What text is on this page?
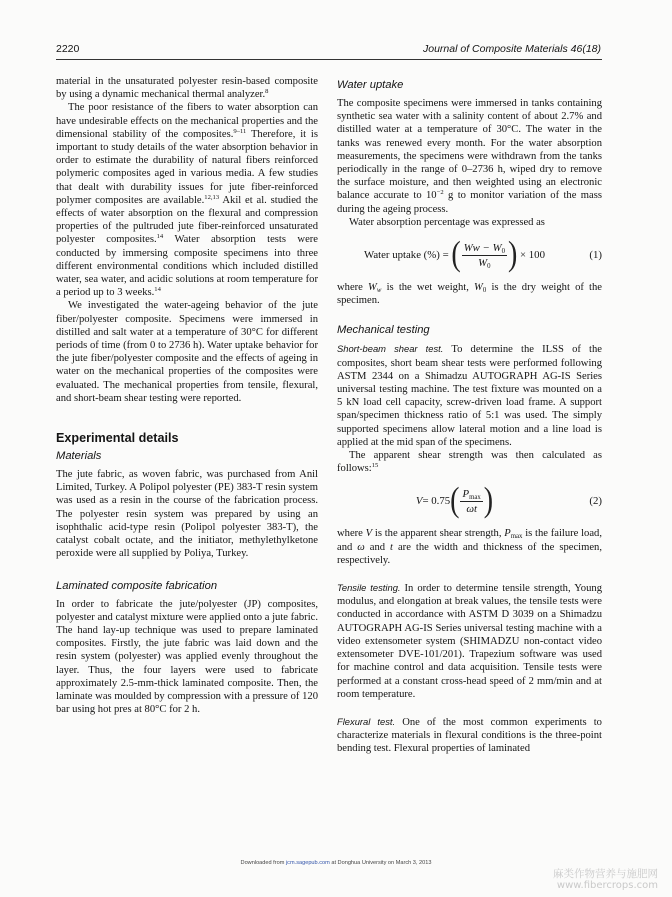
2220	Journal of Composite Materials 46(18)

material in the unsaturated polyester resin-based composite by using a dynamic mechanical thermal analyzer.$^8$

The poor resistance of the fibers to water absorption can have undesirable effects on the mechanical properties and the dimensional stability of the composites.$^{9-11}$ Therefore, it is important to study details of the water absorption behavior in order to estimate the durability of natural fibers reinforced polymeric composites aged in various media. A few studies that dealt with durability issues for jute fiber-reinforced polymer composites are available.$^{12,13}$ Akil et al. studied the effects of water absorption on the flexural and compression properties of the pultruded jute fiber-reinforced unsaturated polyester composites.$^{14}$ Water absorption tests were conducted by immersing composite specimens into three different environmental conditions which included distilled water, sea water, and acidic solutions at room temperature for a period up to 3 weeks.$^{14}$

We investigated the water-ageing behavior of the jute fiber/polyester composite. Specimens were immersed in distilled and salt water at a temperature of 30°C for different periods of time (from 0 to 2736 h). Water uptake behavior for the jute fiber/polyester composite and the effects of ageing in water on the mechanical properties of the composites were evaluated. The mechanical properties from tensile, flexural, and short-beam shear testing were reported.

Experimental details
Materials

The jute fabric, as woven fabric, was purchased from Anil Limited, Turkey. A Polipol polyester (PE) 383-T resin system was used as a resin in the course of the fabrication process. The polyester resin system was prepared by using an isophthalic acid-type resin (Polipol polyester 383-T), the catalyst cobalt octate, and the initiator, methylethylketone peroxide were all supplied by Poliya, Turkey.

Laminated composite fabrication

In order to fabricate the jute/polyester (JP) composites, polyester and catalyst mixture were applied onto a jute fabric. The hand lay-up technique was used to prepare laminated composites. Firstly, the jute fabric was laid down and the resin system (polyester) was applied evenly throughout the layer. Thus, the four layers were used to fabricate approximately 2.5-mm-thick laminated composite. Then, the laminate was moulded by compression with a pressure of 120 bar using hot pres at 80°C for 2 h.

Water uptake

The composite specimens were immersed in tanks containing synthetic sea water with a salinity content of about 2.7% and distilled water at a temperature of 30°C. The water in the tanks was renewed every month. For the water absorption measurements, the specimens were withdrawn from the tanks periodically in the range of 0–2736 h, wiped dry to remove the surface moisture, and then weighted using an electronic balance accurate to $10^{-2}$ g to monitor variation of the mass during the ageing process.

Water absorption percentage was expressed as

Water uptake (%) =
( $\frac{Ww - W_0}{W_0}$ )
× 100	(1)

where $W_w$ is the wet weight, $W_0$ is the dry weight of the specimen.

Mechanical testing

Short-beam shear test. To determine the ILSS of the composites, short beam shear tests were performed following ASTM 2344 on a Shimadzu AUTOGRAPH AG-IS Series universal testing machine. The test fixture was mounted on a 5 kN load cell capacity, screw-driven load frame. A support span/specimen thickness ratio of 5:1 was used. The simply supported specimens allow lateral motion and a line load is applied at the mid span of the specimens.

The apparent shear strength was then calculated as follows:$^{15}$

V = 0.75 ( $\frac{P_{max}}{\omega t}$ )	(2)

where V is the apparent shear strength, $P_{max}$ is the failure load, and ω and t are the width and thickness of the specimen, respectively.

Tensile testing. In order to determine tensile strength, Young modulus, and elongation at break values, the tensile tests were conducted in accordance with ASTM D 3039 on a Shimadzu AUTOGRAPH AG-IS Series universal testing machine with a video extensometer system (SHIMADZU non-contact video extensometer DVE-101/201). Trapezium software was used for machine control and data acquisition. Tensile tests were performed at a constant cross-head speed of 2 mm/min and at room temperature.

Flexural test. One of the most common experiments to characterize materials in flexural conditions is the three-point bending test. Flexural properties of laminated

Downloaded from jcm.sagepub.com at Donghua University on March 3, 2013
麻类作物营养与施肥网
www.fibercrops.com
